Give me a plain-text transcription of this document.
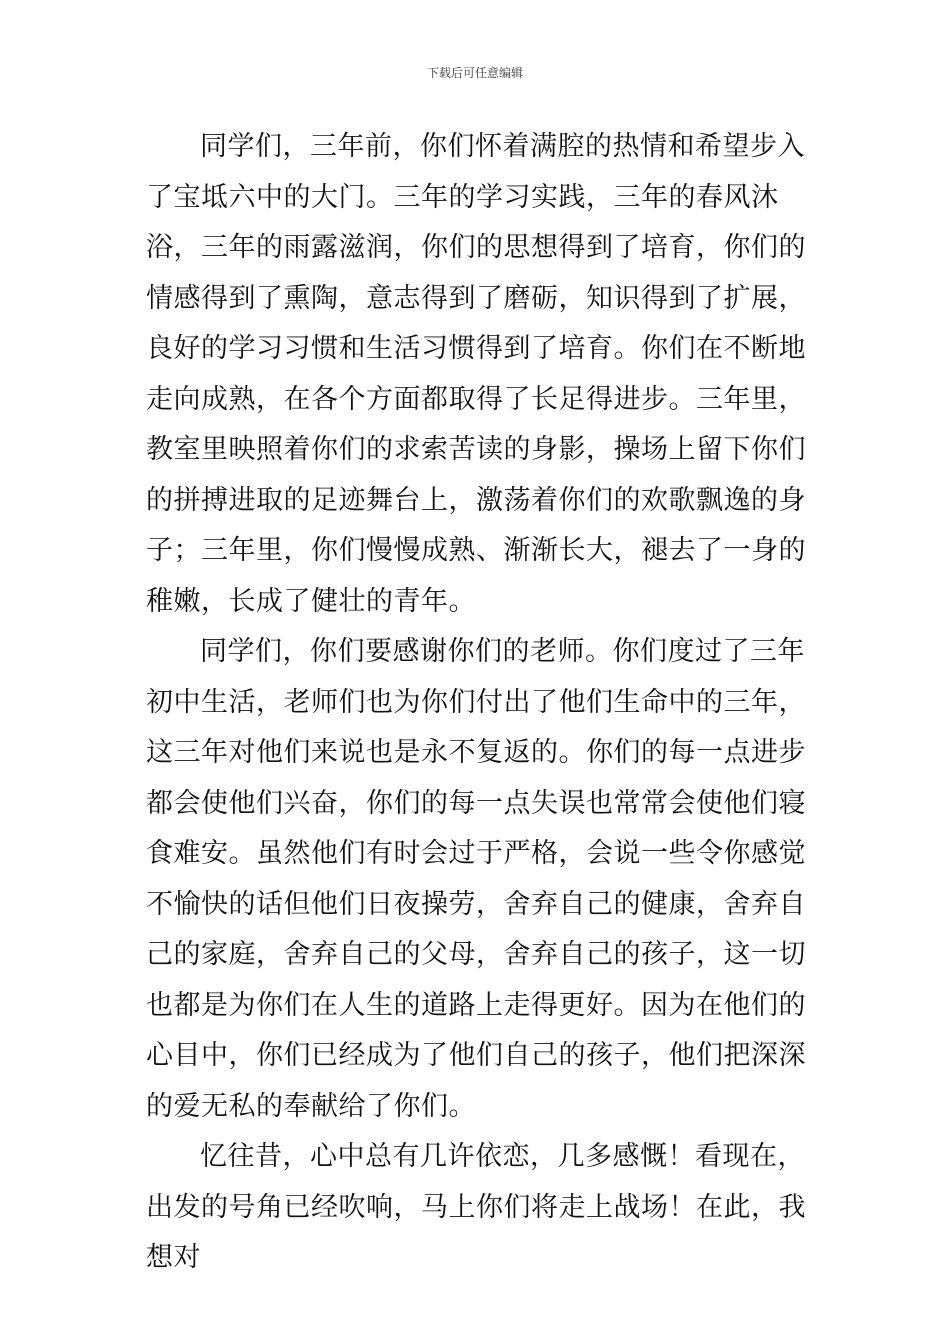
下载后可任意编辑

同学们，三年前，你们怀着满腔的热情和希望步入了宝坻六中的大门。三年的学习实践，三年的春风沐浴，三年的雨露滋润，你们的思想得到了培育，你们的情感得到了熏陶，意志得到了磨砺，知识得到了扩展，良好的学习习惯和生活习惯得到了培育。你们在不断地走向成熟，在各个方面都取得了长足得进步。三年里，教室里映照着你们的求索苦读的身影，操场上留下你们的拼搏进取的足迹舞台上，激荡着你们的欢歌飘逸的身子；三年里，你们慢慢成熟、渐渐长大，褪去了一身的稚嫩，长成了健壮的青年。

同学们，你们要感谢你们的老师。你们度过了三年初中生活，老师们也为你们付出了他们生命中的三年，这三年对他们来说也是永不复返的。你们的每一点进步都会使他们兴奋，你们的每一点失误也常常会使他们寝食难安。虽然他们有时会过于严格，会说一些令你感觉不愉快的话但他们日夜操劳，舍弃自己的健康，舍弃自己的家庭，舍弃自己的父母，舍弃自己的孩子，这一切也都是为你们在人生的道路上走得更好。因为在他们的心目中，你们已经成为了他们自己的孩子，他们把深深的爱无私的奉献给了你们。

忆往昔，心中总有几许依恋，几多感慨！看现在，出发的号角已经吹响，马上你们将走上战场！在此，我想对
